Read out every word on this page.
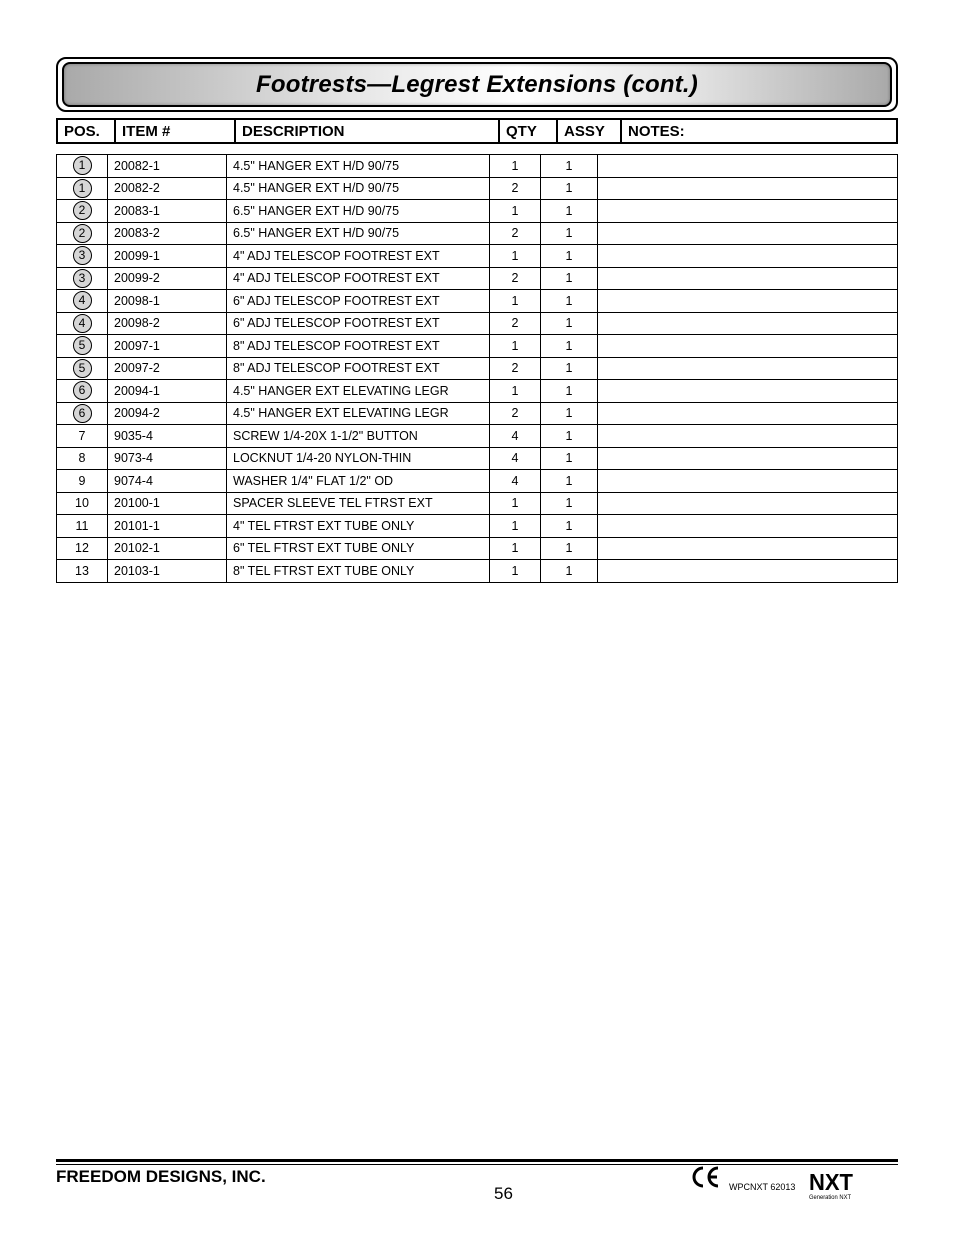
Footrests—Legrest Extensions (cont.)
POS.	ITEM #	DESCRIPTION	QTY	ASSY	NOTES:
1	20082-1	4.5" HANGER EXT H/D 90/75	1	1	
1	20082-2	4.5" HANGER EXT H/D 90/75	2	1	
2	20083-1	6.5" HANGER EXT H/D 90/75	1	1	
2	20083-2	6.5" HANGER EXT H/D 90/75	2	1	
3	20099-1	4" ADJ TELESCOP FOOTREST EXT	1	1	
3	20099-2	4" ADJ TELESCOP FOOTREST EXT	2	1	
4	20098-1	6" ADJ TELESCOP FOOTREST EXT	1	1	
4	20098-2	6" ADJ TELESCOP FOOTREST EXT	2	1	
5	20097-1	8" ADJ TELESCOP FOOTREST EXT	1	1	
5	20097-2	8" ADJ TELESCOP FOOTREST EXT	2	1	
6	20094-1	4.5" HANGER EXT ELEVATING LEGR	1	1	
6	20094-2	4.5" HANGER EXT ELEVATING LEGR	2	1	
7	9035-4	SCREW 1/4-20X 1-1/2" BUTTON	4	1	
8	9073-4	LOCKNUT 1/4-20 NYLON-THIN	4	1	
9	9074-4	WASHER 1/4" FLAT 1/2" OD	4	1	
10	20100-1	SPACER SLEEVE TEL FTRST EXT	1	1	
11	20101-1	4" TEL FTRST EXT TUBE ONLY	1	1	
12	20102-1	6" TEL FTRST EXT TUBE ONLY	1	1	
13	20103-1	8" TEL FTRST EXT TUBE ONLY	1	1	
FREEDOM DESIGNS, INC.
56	WPCNXT 62013 NXT
Generation NXT
